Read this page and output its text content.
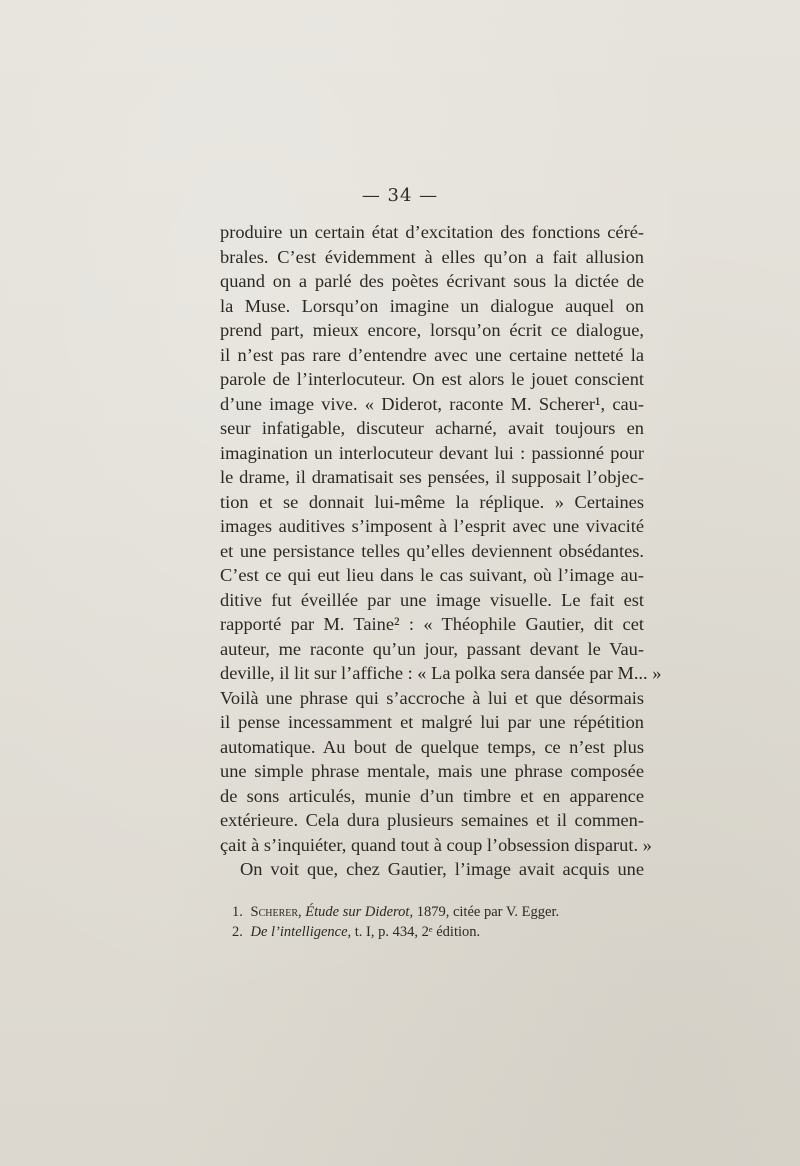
— 34 —
produire un certain état d’excitation des fonctions céré-
brales. C’est évidemment à elles qu’on a fait allusion
quand on a parlé des poètes écrivant sous la dictée de
la Muse. Lorsqu’on imagine un dialogue auquel on
prend part, mieux encore, lorsqu’on écrit ce dialogue,
il n’est pas rare d’entendre avec une certaine netteté la
parole de l’interlocuteur. On est alors le jouet conscient
d’une image vive. « Diderot, raconte M. Scherer¹, cau-
seur infatigable, discuteur acharné, avait toujours en
imagination un interlocuteur devant lui : passionné pour
le drame, il dramatisait ses pensées, il supposait l’objec-
tion et se donnait lui-même la réplique. » Certaines
images auditives s’imposent à l’esprit avec une vivacité
et une persistance telles qu’elles deviennent obsédantes.
C’est ce qui eut lieu dans le cas suivant, où l’image au-
ditive fut éveillée par une image visuelle. Le fait est
rapporté par M. Taine² : « Théophile Gautier, dit cet
auteur, me raconte qu’un jour, passant devant le Vau-
deville, il lit sur l’affiche : « La polka sera dansée par M... »
Voilà une phrase qui s’accroche à lui et que désormais
il pense incessamment et malgré lui par une répétition
automatique. Au bout de quelque temps, ce n’est plus
une simple phrase mentale, mais une phrase composée
de sons articulés, munie d’un timbre et en apparence
extérieure. Cela dura plusieurs semaines et il commen-
çait à s’inquiéter, quand tout à coup l’obsession disparut. »
On voit que, chez Gautier, l’image avait acquis une
1. Scherer, Étude sur Diderot, 1879, citée par V. Egger.
2. De l’intelligence, t. I, p. 434, 2ᵉ édition.
